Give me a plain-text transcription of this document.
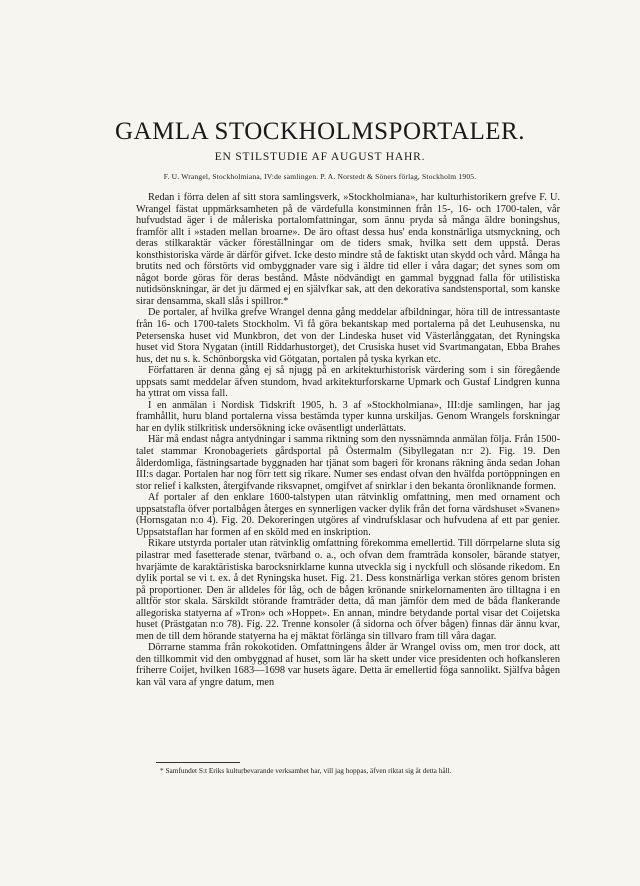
GAMLA STOCKHOLMSPORTALER.
EN STILSTUDIE AF AUGUST HAHR.
F. U. Wrangel, Stockholmiana, IV:de samlingen. P. A. Norstedt & Söners förlag, Stockholm 1905.

Redan i förra delen af sitt stora samlingsverk, »Stockholmiana», har kulturhistorikern grefve F. U. Wrangel fästat uppmärksamheten på de värdefulla konstminnen från 15-, 16- och 1700-talen, vår hufvudstad äger i de måleriska portalomfattningar, som ännu pryda så många äldre boningshus, framför allt i »staden mellan broarne». De äro oftast dessa hus' enda konstnärliga utsmyckning, och deras stilkaraktär väcker föreställningar om de tiders smak, hvilka sett dem uppstå. Deras konsthistoriska värde är därför gifvet. Icke desto mindre stå de faktiskt utan skydd och vård. Många ha brutits ned och förstörts vid ombyggnader vare sig i äldre tid eller i våra dagar; det synes som om något borde göras för deras bestånd. Måste nödvändigt en gammal byggnad falla för utilistiska nutidsönskningar, är det ju därmed ej en självfkar sak, att den dekorativa sandstensportal, som kanske sirar densamma, skall slås i spillror.*

De portaler, af hvilka grefve Wrangel denna gång meddelar afbildningar, höra till de intressantaste från 16- och 1700-talets Stockholm. Vi få göra bekantskap med portalerna på det Leuhusenska, nu Petersenska huset vid Munkbron, det von der Lindeska huset vid Västerlånggatan, det Ryningska huset vid Stora Nygatan (intill Riddarhustorget), det Crusiska huset vid Svartmangatan, Ebba Brahes hus, det nu s. k. Schönborgska vid Götgatan, portalen på tyska kyrkan etc.

Författaren är denna gång ej så njugg på en arkitekturhistorisk värdering som i sin föregående uppsats samt meddelar äfven stundom, hvad arkitekturforskarne Upmark och Gustaf Lindgren kunna ha yttrat om vissa fall.

I en anmälan i Nordisk Tidskrift 1905, h. 3 af »Stockholmiana», III:dje samlingen, har jag framhållit, huru bland portalerna vissa bestämda typer kunna urskiljas. Genom Wrangels forskningar har en dylik stilkritisk undersökning icke oväsentligt underlättats.

Här må endast några antydningar i samma riktning som den nyssnämnda anmälan följa. Från 1500-talet stammar Kronobageriets gårdsportal på Östermalm (Sibyllegatan n:r 2). Fig. 19. Den ålderdomliga, fästningsartade byggnaden har tjänat som bageri för kronans räkning ända sedan Johan III:s dagar. Portalen har nog förr tett sig rikare. Numer ses endast ofvan den hvälfda portöppningen en stor relief i kalksten, återgifvande riksvapnet, omgifvet af snirklar i den bekanta öronliknande formen.

Af portaler af den enklare 1600-talstypen utan rätvinklig omfattning, men med ornament och uppsatstafla öfver portalbågen återges en synnerligen vacker dylik från det forna värdshuset »Svanen» (Hornsgatan n:o 4). Fig. 20. Dekoreringen utgöres af vindrufsklasar och hufvudena af ett par genier. Uppsatstaflan har formen af en sköld med en inskription.

Rikare utstyrda portaler utan rätvinklig omfattning förekomma emellertid. Till dörrpelarne sluta sig pilastrar med fasetterade stenar, tvärband o. a., och ofvan dem framträda konsoler, bärande statyer, hvarjämte de karaktäristiska barocksnirklarne kunna utveckla sig i nyckfull och slösande rikedom. En dylik portal se vi t. ex. å det Ryningska huset. Fig. 21. Dess konstnärliga verkan störes genom bristen på proportioner. Den är alldeles för låg, och de bågen krönande snirkelornamenten äro tilltagna i en alltför stor skala. Särskildt störande framträder detta, då man jämför dem med de båda flankerande allegoriska statyerna af »Tron» och »Hoppet». En annan, mindre betydande portal visar det Coijetska huset (Prästgatan n:o 78). Fig. 22. Trenne konsoler (å sidorna och öfver bågen) finnas där ännu kvar, men de till dem hörande statyerna ha ej mäktat förlänga sin tillvaro fram till våra dagar.

Dörrarne stamma från rokokotiden. Omfattningens ålder är Wrangel oviss om, men tror dock, att den tillkommit vid den ombyggnad af huset, som lär ha skett under vice presidenten och hofkansleren friherre Coijet, hvilken 1683—1698 var husets ägare. Detta är emellertid föga sannolikt. Själfva bågen kan väl vara af yngre datum, men

* Samfundet S:t Eriks kulturbevarande verksamhet har, vill jag hoppas, äfven riktat sig åt detta håll.
